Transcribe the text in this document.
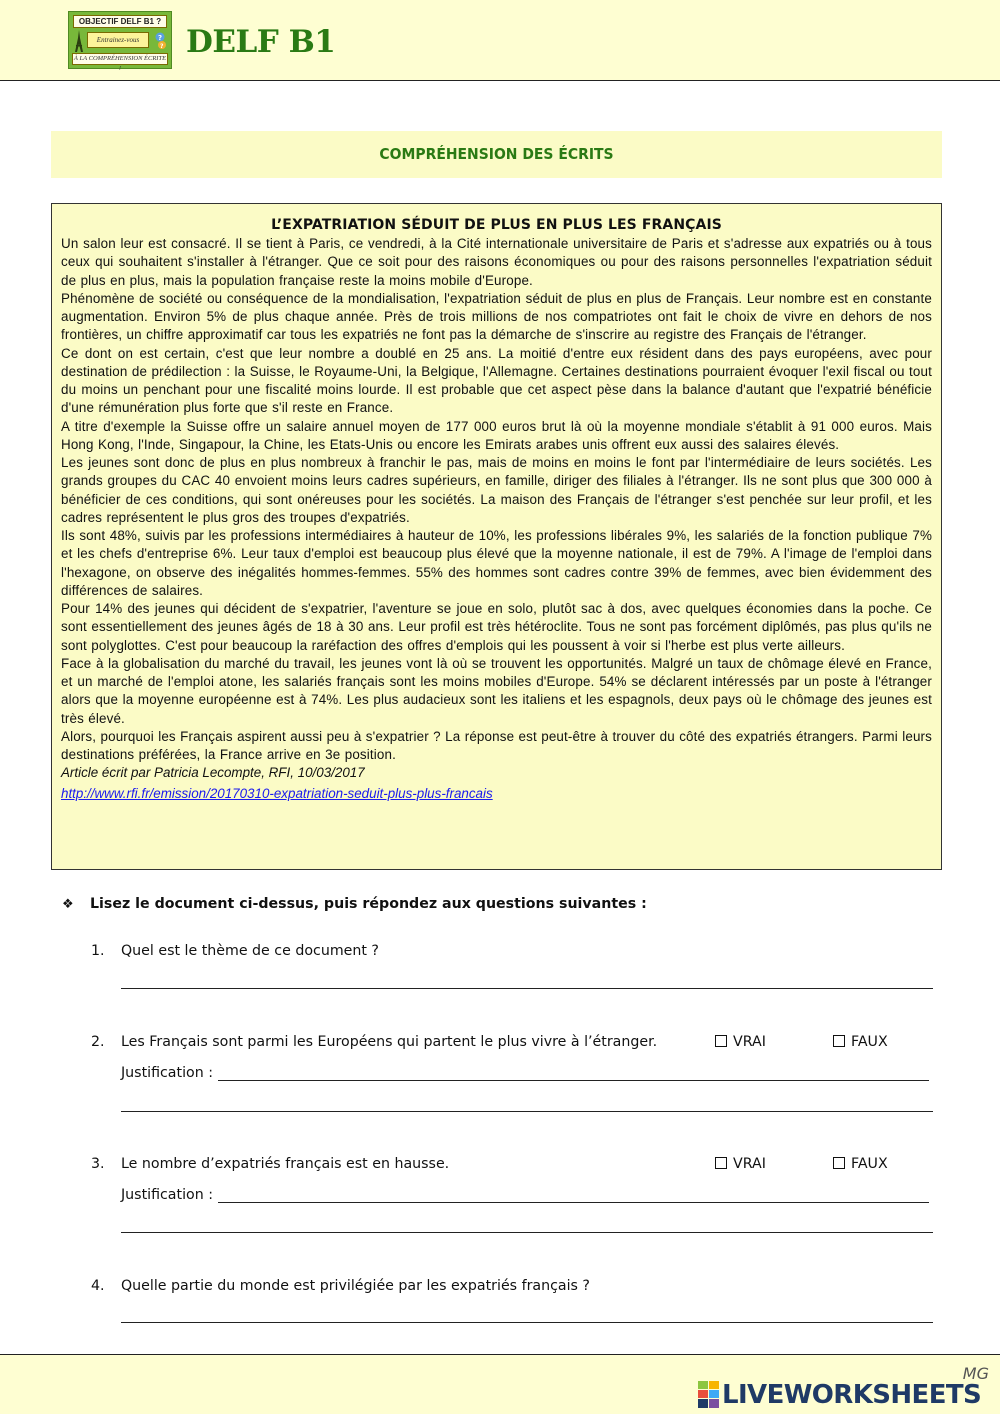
OBJECTIF DELF B1 ?
Entrainez-vous	?
?
À LA COMPRÉHENSION ÉCRITE !
DELF B1
COMPRÉHENSION DES ÉCRITS
L’EXPATRIATION SÉDUIT DE PLUS EN PLUS LES FRANÇAIS

Un salon leur est consacré. Il se tient à Paris, ce vendredi, à la Cité internationale universitaire de Paris et s'adresse aux expatriés ou à tous ceux qui souhaitent s'installer à l'étranger. Que ce soit pour des raisons économiques ou pour des raisons personnelles l'expatriation séduit de plus en plus, mais la population française reste la moins mobile d'Europe.

Phénomène de société ou conséquence de la mondialisation, l'expatriation séduit de plus en plus de Français. Leur nombre est en constante augmentation. Environ 5% de plus chaque année. Près de trois millions de nos compatriotes ont fait le choix de vivre en dehors de nos frontières, un chiffre approximatif car tous les expatriés ne font pas la démarche de s'inscrire au registre des Français de l'étranger.

Ce dont on est certain, c'est que leur nombre a doublé en 25 ans. La moitié d'entre eux résident dans des pays européens, avec pour destination de prédilection : la Suisse, le Royaume-Uni, la Belgique, l'Allemagne. Certaines destinations pourraient évoquer l'exil fiscal ou tout du moins un penchant pour une fiscalité moins lourde. Il est probable que cet aspect pèse dans la balance d'autant que l'expatrié bénéficie d'une rémunération plus forte que s'il reste en France.

A titre d'exemple la Suisse offre un salaire annuel moyen de 177 000 euros brut là où la moyenne mondiale s'établit à 91 000 euros. Mais Hong Kong, l'Inde, Singapour, la Chine, les Etats-Unis ou encore les Emirats arabes unis offrent eux aussi des salaires élevés.

Les jeunes sont donc de plus en plus nombreux à franchir le pas, mais de moins en moins le font par l'intermédiaire de leurs sociétés. Les grands groupes du CAC 40 envoient moins leurs cadres supérieurs, en famille, diriger des filiales à l'étranger. Ils ne sont plus que 300 000 à bénéficier de ces conditions, qui sont onéreuses pour les sociétés. La maison des Français de l'étranger s'est penchée sur leur profil, et les cadres représentent le plus gros des troupes d'expatriés.

Ils sont 48%, suivis par les professions intermédiaires à hauteur de 10%, les professions libérales 9%, les salariés de la fonction publique 7% et les chefs d'entreprise 6%. Leur taux d'emploi est beaucoup plus élevé que la moyenne nationale, il est de 79%. A l'image de l'emploi dans l'hexagone, on observe des inégalités hommes-femmes. 55% des hommes sont cadres contre 39% de femmes, avec bien évidemment des différences de salaires.

Pour 14% des jeunes qui décident de s'expatrier, l'aventure se joue en solo, plutôt sac à dos, avec quelques économies dans la poche. Ce sont essentiellement des jeunes âgés de 18 à 30 ans. Leur profil est très hétéroclite. Tous ne sont pas forcément diplômés, pas plus qu'ils ne sont polyglottes. C'est pour beaucoup la raréfaction des offres d'emplois qui les poussent à voir si l'herbe est plus verte ailleurs.

Face à la globalisation du marché du travail, les jeunes vont là où se trouvent les opportunités. Malgré un taux de chômage élevé en France, et un marché de l'emploi atone, les salariés français sont les moins mobiles d'Europe. 54% se déclarent intéressés par un poste à l'étranger alors que la moyenne européenne est à 74%. Les plus audacieux sont les italiens et les espagnols, deux pays où le chômage des jeunes est très élevé.

Alors, pourquoi les Français aspirent aussi peu à s'expatrier ? La réponse est peut-être à trouver du côté des expatriés étrangers. Parmi leurs destinations préférées, la France arrive en 3e position.

Article écrit par Patricia Lecompte, RFI, 10/03/2017

http://www.rfi.fr/emission/20170310-expatriation-seduit-plus-plus-francais
❖ Lisez le document ci-dessus, puis répondez aux questions suivantes :
1. Quel est le thème de ce document ?
2. Les Français sont parmi les Européens qui partent le plus vivre à l’étranger.	VRAI	FAUX
Justification :
3. Le nombre d’expatriés français est en hausse.	VRAI	FAUX
Justification :
4. Quelle partie du monde est privilégiée par les expatriés français ?
MG
LIVEWORKSHEETS
